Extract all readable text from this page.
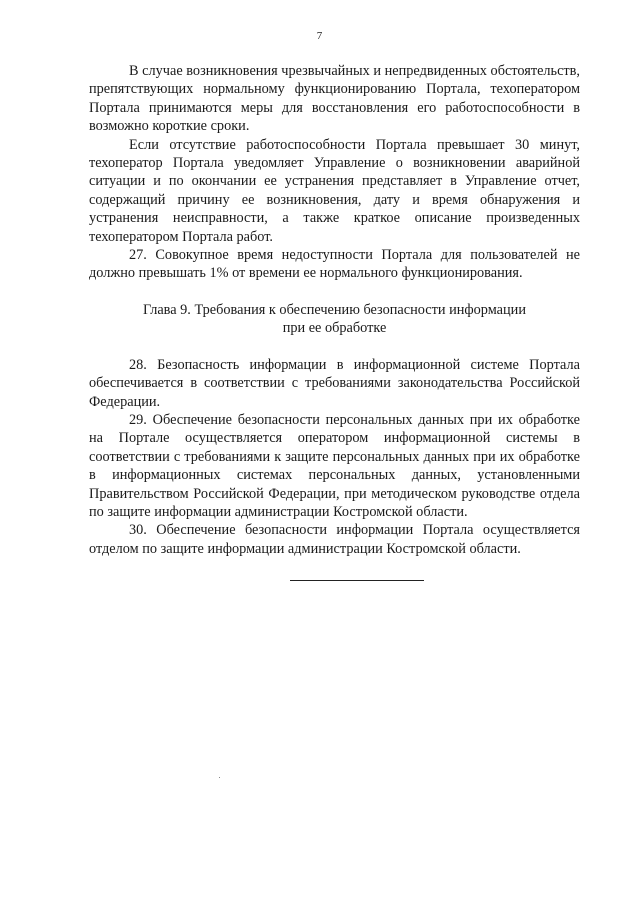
7

В случае возникновения чрезвычайных и непредвиденных обстоятельств, препятствующих нормальному функционированию Портала, техоператором Портала принимаются меры для восстановления его работоспособности в возможно короткие сроки.

Если отсутствие работоспособности Портала превышает 30 минут, техоператор Портала уведомляет Управление о возникновении аварийной ситуации и по окончании ее устранения представляет в Управление отчет, содержащий причину ее возникновения, дату и время обнаружения и устранения неисправности, а также краткое описание произведенных техоператором Портала работ.

27. Совокупное время недоступности Портала для пользователей не должно превышать 1% от времени ее нормального функционирования.

Глава 9. Требования к обеспечению безопасности информации
при ее обработке

28. Безопасность информации в информационной системе Портала обеспечивается в соответствии с требованиями законодательства Российской Федерации.

29. Обеспечение безопасности персональных данных при их обработке на Портале осуществляется оператором информационной системы в соответствии с требованиями к защите персональных данных при их обработке в информационных системах персональных данных, установленными Правительством Российской Федерации, при методическом руководстве отдела по защите информации администрации Костромской области.

30. Обеспечение безопасности информации Портала осуществляется отделом по защите информации администрации Костромской области.
